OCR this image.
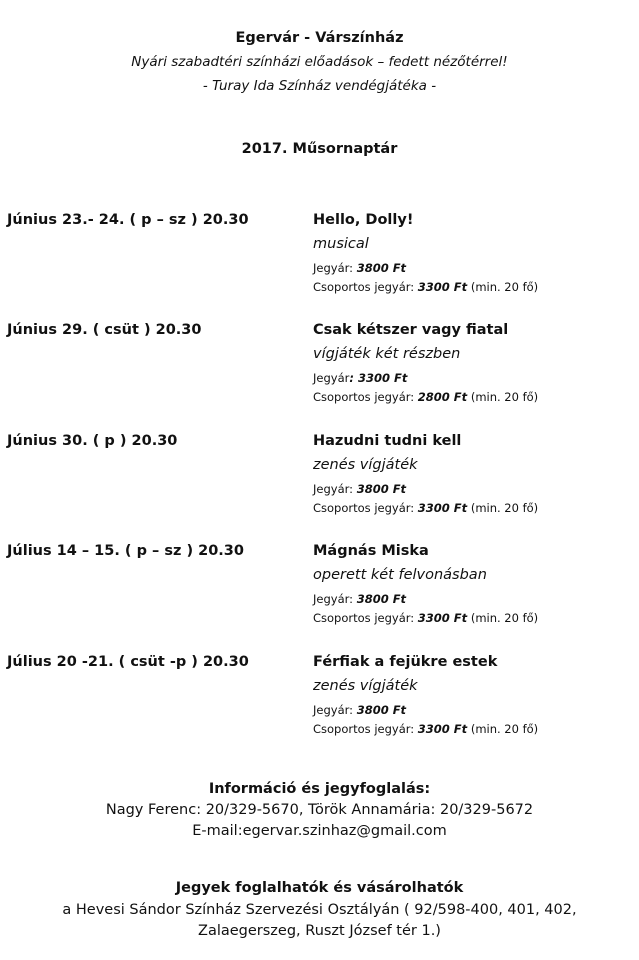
Egervár - Várszínház
Nyári szabadtéri színházi előadások – fedett nézőtérrel!
- Turay Ida Színház vendégjátéka -
2017. Műsornaptár
Június 23.- 24. ( p – sz ) 20.30	Hello, Dolly!
musical
Jegyár: 3800 Ft
Csoportos jegyár: 3300 Ft (min. 20 fő)
Június 29. ( csüt ) 20.30	Csak kétszer vagy fiatal
vígjáték két részben
Jegyár: 3300 Ft
Csoportos jegyár: 2800 Ft (min. 20 fő)
Június 30. ( p ) 20.30	Hazudni tudni kell
zenés vígjáték
Jegyár: 3800 Ft
Csoportos jegyár: 3300 Ft (min. 20 fő)
Július 14 – 15. ( p – sz ) 20.30	Mágnás Miska
operett két felvonásban
Jegyár: 3800 Ft
Csoportos jegyár: 3300 Ft (min. 20 fő)
Július 20 -21. ( csüt -p ) 20.30	Férfiak a fejükre estek
zenés vígjáték
Jegyár: 3800 Ft
Csoportos jegyár: 3300 Ft (min. 20 fő)
Információ és jegyfoglalás:
Nagy Ferenc: 20/329-5670, Török Annamária: 20/329-5672
E-mail:egervar.szinhaz@gmail.com
Jegyek foglalhatók és vásárolhatók
a Hevesi Sándor Színház Szervezési Osztályán ( 92/598-400, 401, 402,
Zalaegerszeg, Ruszt József tér 1.)
